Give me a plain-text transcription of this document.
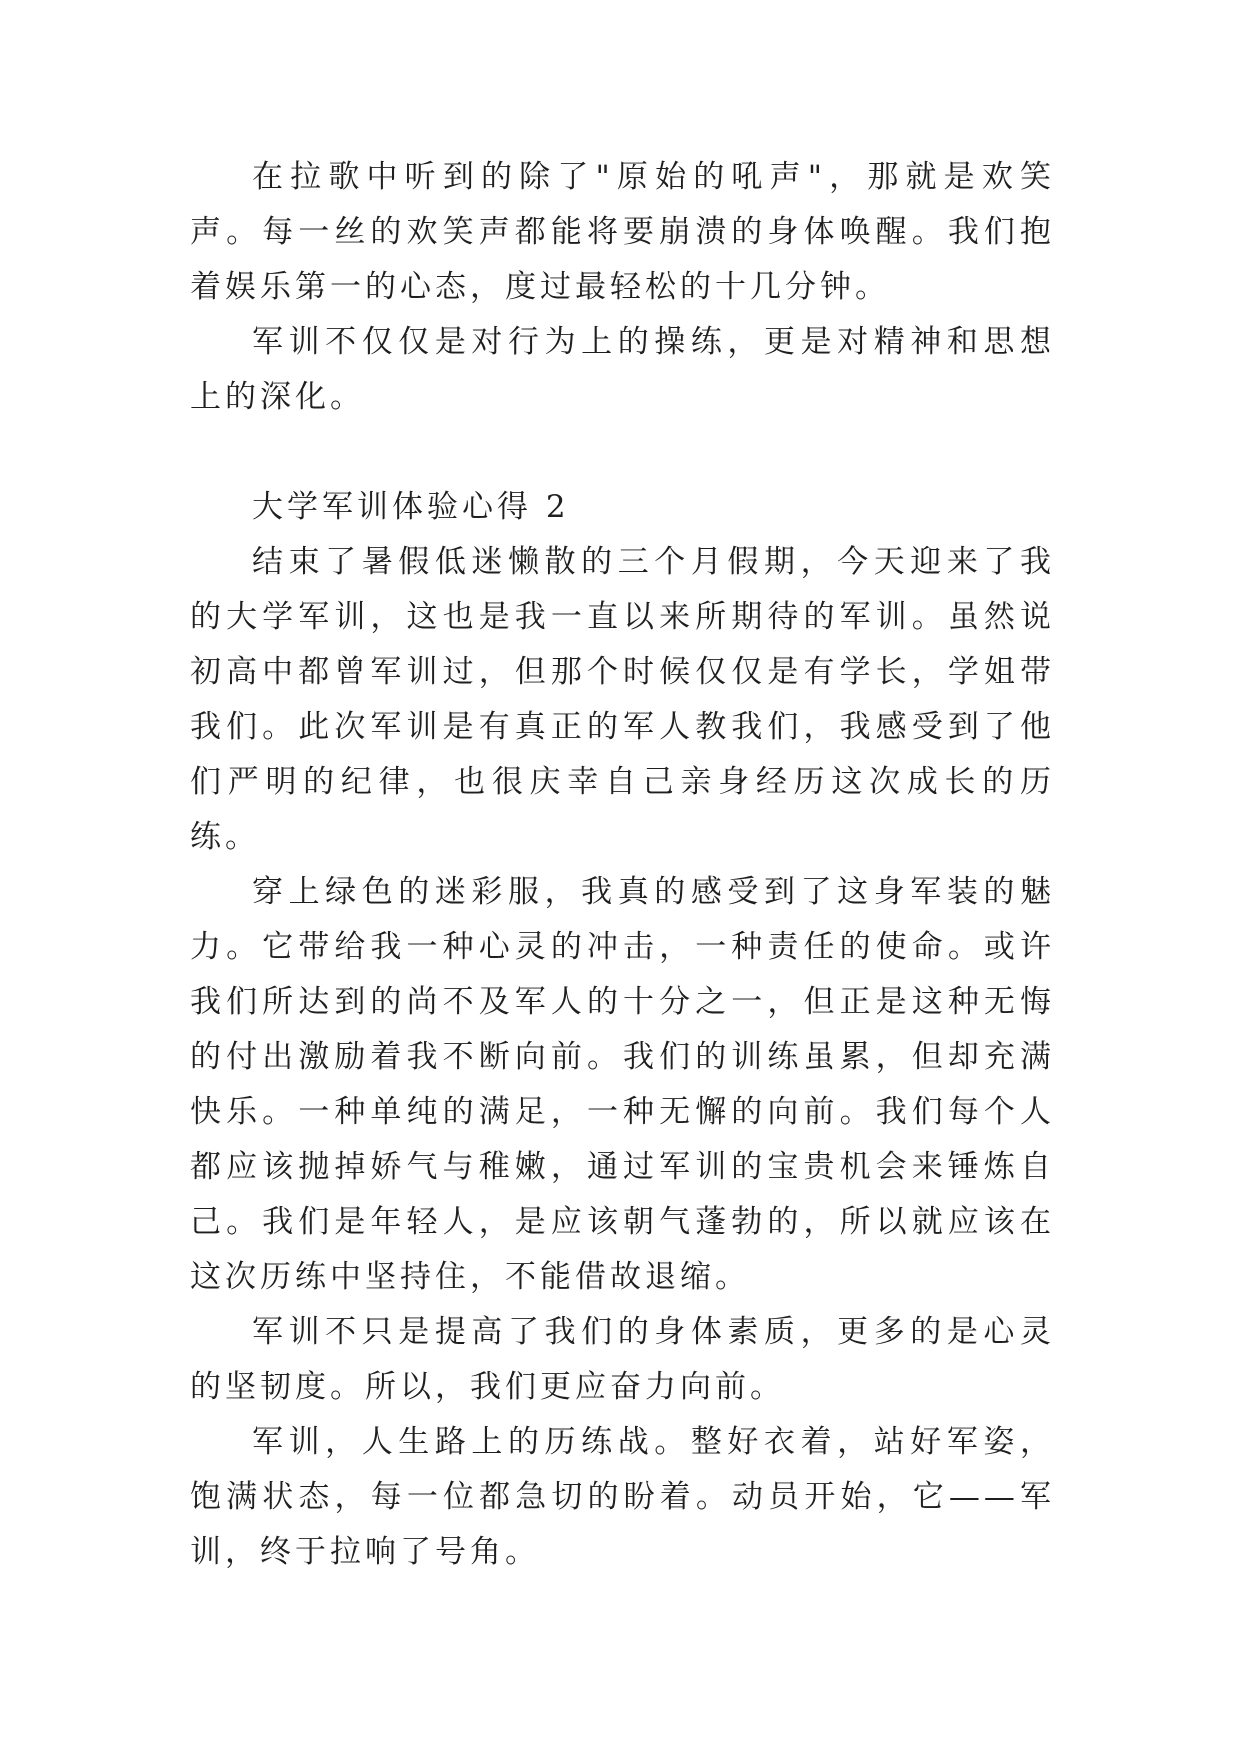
在拉歌中听到的除了"原始的吼声"，那就是欢笑声。每一丝的欢笑声都能将要崩溃的身体唤醒。我们抱着娱乐第一的心态，度过最轻松的十几分钟。

军训不仅仅是对行为上的操练，更是对精神和思想上的深化。

大学军训体验心得 2

结束了暑假低迷懒散的三个月假期，今天迎来了我的大学军训，这也是我一直以来所期待的军训。虽然说初高中都曾军训过，但那个时候仅仅是有学长，学姐带我们。此次军训是有真正的军人教我们，我感受到了他们严明的纪律，也很庆幸自己亲身经历这次成长的历练。

穿上绿色的迷彩服，我真的感受到了这身军装的魅力。它带给我一种心灵的冲击，一种责任的使命。或许我们所达到的尚不及军人的十分之一，但正是这种无悔的付出激励着我不断向前。我们的训练虽累，但却充满快乐。一种单纯的满足，一种无懈的向前。我们每个人都应该抛掉娇气与稚嫩，通过军训的宝贵机会来锤炼自己。我们是年轻人，是应该朝气蓬勃的，所以就应该在这次历练中坚持住，不能借故退缩。

军训不只是提高了我们的身体素质，更多的是心灵的坚韧度。所以，我们更应奋力向前。

军训，人生路上的历练战。整好衣着，站好军姿，饱满状态，每一位都急切的盼着。动员开始，它——军训，终于拉响了号角。
